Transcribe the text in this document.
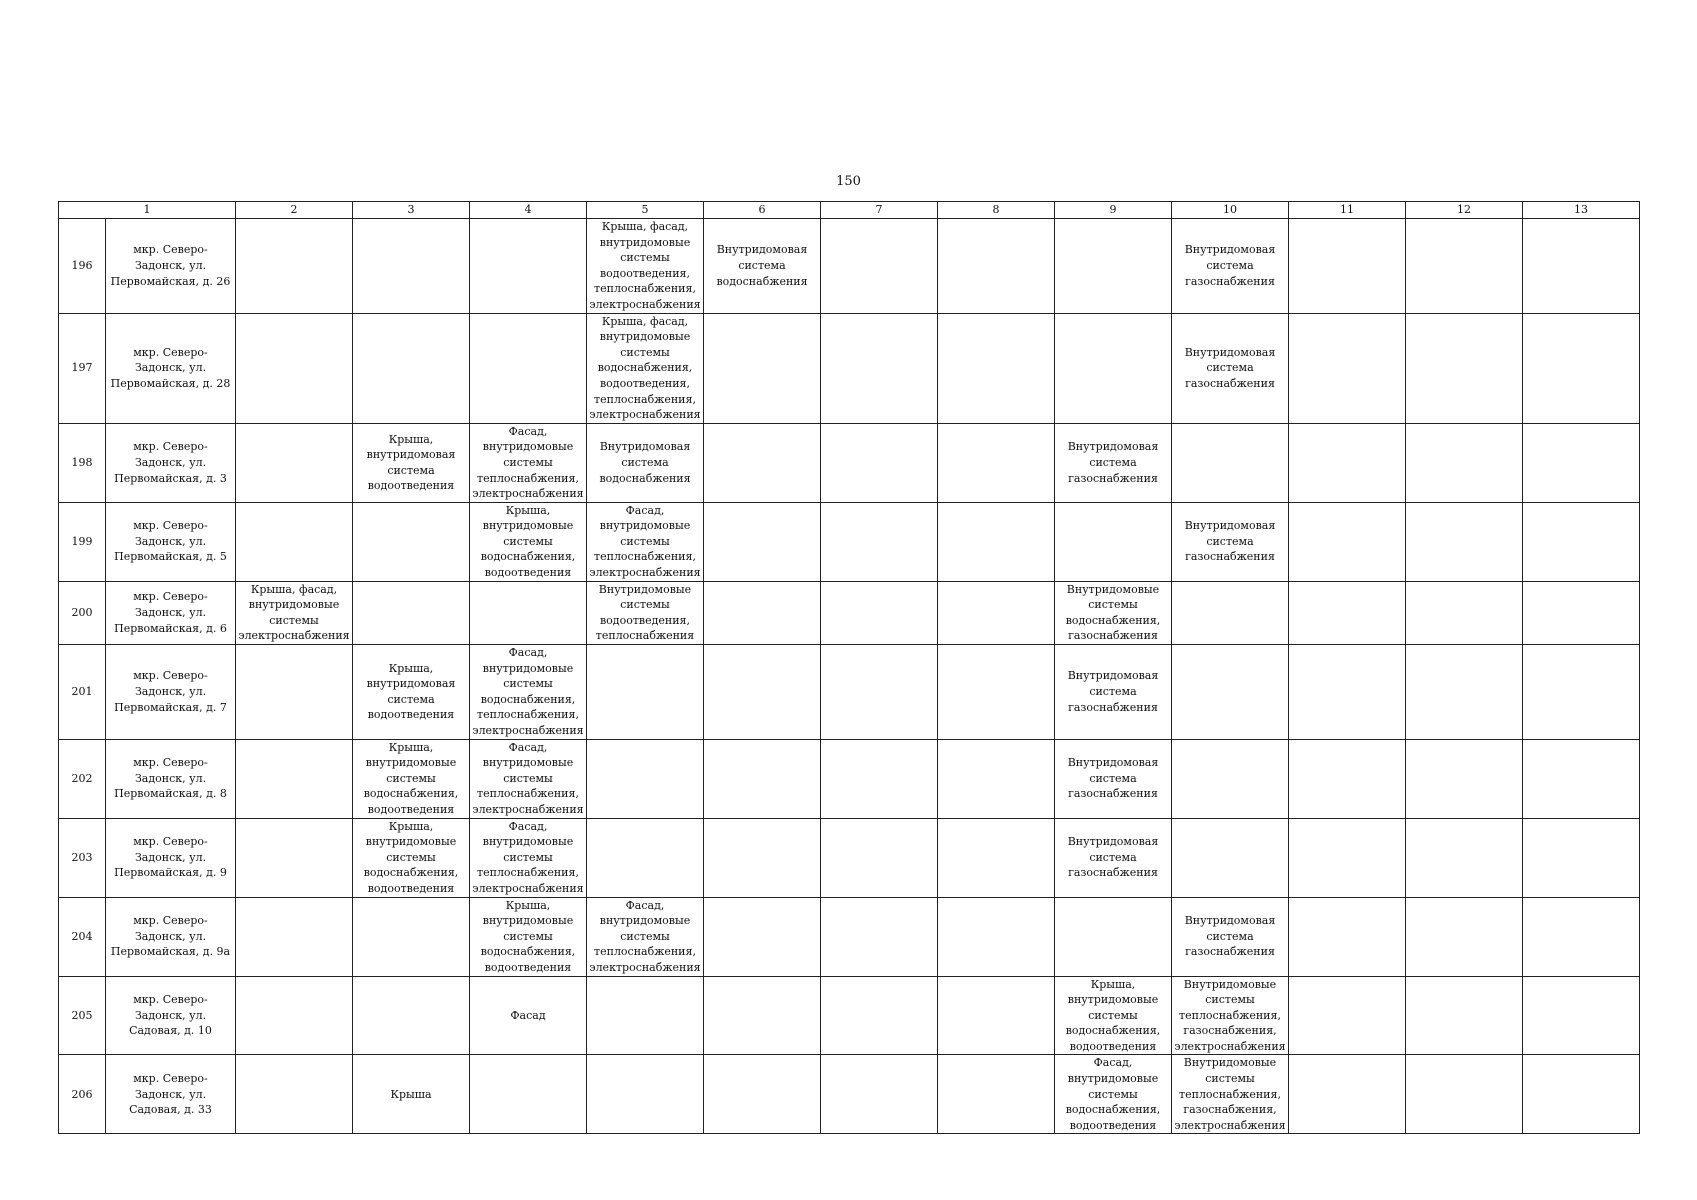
150
1		2	3	4	5	6	7	8	9	10	11	12	13
196	мкр. Северо-Задонск, ул. Первомайская, д. 26				Крыша, фасад, внутридомовые системы водоотведения, теплоснабжения, электроснабжения	Внутридомовая система водоснабжения				Внутридомовая система газоснабжения			
197	мкр. Северо-Задонск, ул. Первомайская, д. 28				Крыша, фасад, внутридомовые системы водоснабжения, водоотведения, теплоснабжения, электроснабжения					Внутридомовая система газоснабжения			
198	мкр. Северо-Задонск, ул. Первомайская, д. 3		Крыша, внутридомовая система водоотведения	Фасад, внутридомовые системы теплоснабжения, электроснабжения	Внутридомовая система водоснабжения				Внутридомовая система газоснабжения				
199	мкр. Северо-Задонск, ул. Первомайская, д. 5			Крыша, внутридомовые системы водоснабжения, водоотведения	Фасад, внутридомовые системы теплоснабжения, электроснабжения					Внутридомовая система газоснабжения			
200	мкр. Северо-Задонск, ул. Первомайская, д. 6	Крыша, фасад, внутридомовые системы электроснабжения			Внутридомовые системы водоотведения, теплоснабжения				Внутридомовые системы водоснабжения, газоснабжения				
201	мкр. Северо-Задонск, ул. Первомайская, д. 7		Крыша, внутридомовая система водоотведения	Фасад, внутридомовые системы водоснабжения, теплоснабжения, электроснабжения					Внутридомовая система газоснабжения				
202	мкр. Северо-Задонск, ул. Первомайская, д. 8		Крыша, внутридомовые системы водоснабжения, водоотведения	Фасад, внутридомовые системы теплоснабжения, электроснабжения					Внутридомовая система газоснабжения				
203	мкр. Северо-Задонск, ул. Первомайская, д. 9		Крыша, внутридомовые системы водоснабжения, водоотведения	Фасад, внутридомовые системы теплоснабжения, электроснабжения					Внутридомовая система газоснабжения				
204	мкр. Северо-Задонск, ул. Первомайская, д. 9а			Крыша, внутридомовые системы водоснабжения, водоотведения	Фасад, внутридомовые системы теплоснабжения, электроснабжения					Внутридомовая система газоснабжения			
205	мкр. Северо-Задонск, ул. Садовая, д. 10			Фасад					Крыша, внутридомовые системы водоснабжения, водоотведения	Внутридомовые системы теплоснабжения, газоснабжения, электроснабжения			
206	мкр. Северо-Задонск, ул. Садовая, д. 33		Крыша						Фасад, внутридомовые системы водоснабжения, водоотведения	Внутридомовые системы теплоснабжения, газоснабжения, электроснабжения			
